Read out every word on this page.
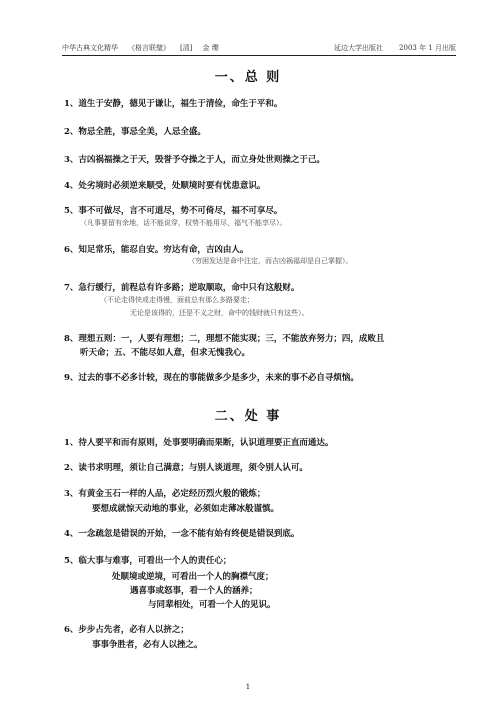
中华古典文化精华 《格言联璧》 [清] 金 缨	延边大学出版社 2003 年 1 月出版
一、总 则
1、道生于安静，德见于谦让，福生于清俭，命生于平和。
2、物忌全胜，事忌全美，人忌全盛。
3、吉凶祸福操之于天，毁誉予夺操之于人，而立身处世则操之于己。
4、处劣境时必须逆来顺受，处顺境时要有忧患意识。
5、事不可做尽，言不可道尽，势不可倚尽，福不可享尽。
（凡事要留有余地，话不能说穿，权势不能用尽，福气不能享尽）。
6、知足常乐，能忍自安。穷达有命，吉凶由人。
（穷困发达是命中注定，而吉凶祸福却是自己掌握）。
7、急行缓行，前程总有许多路；逆取顺取，命中只有这般财。
（不论走得快或走得慢，面前总有那么多路要走；
无论是该得的，还是不义之财，命中的钱财就只有这些）。
8、理想五则：一，人要有理想；二，理想不能实现；三，不能放弃努力；四，成败且
听天命；五、不能尽如人意，但求无愧我心。
9、过去的事不必多计较，现在的事能做多少是多少，未来的事不必自寻烦恼。
二、处 事
1、待人要平和而有原则，处事要明确而果断，认识道理要正直而通达。
2、读书求明理，须让自己满意；与别人谈道理，须令别人认可。
3、有黄金玉石一样的人品，必定经历烈火般的锻炼；
要想成就惊天动地的事业，必须如走薄冰般谨慎。
4、一念疏忽是错误的开始，一念不能有始有终便是错误到底。
5、临大事与难事，可看出一个人的责任心；
处顺境或逆境，可看出一个人的胸襟气度；
遇喜事或怒事，看一个人的涵养；
与同辈相处，可看一个人的见识。
6、步步占先者，必有人以挤之；
事事争胜者，必有人以挫之。
1
